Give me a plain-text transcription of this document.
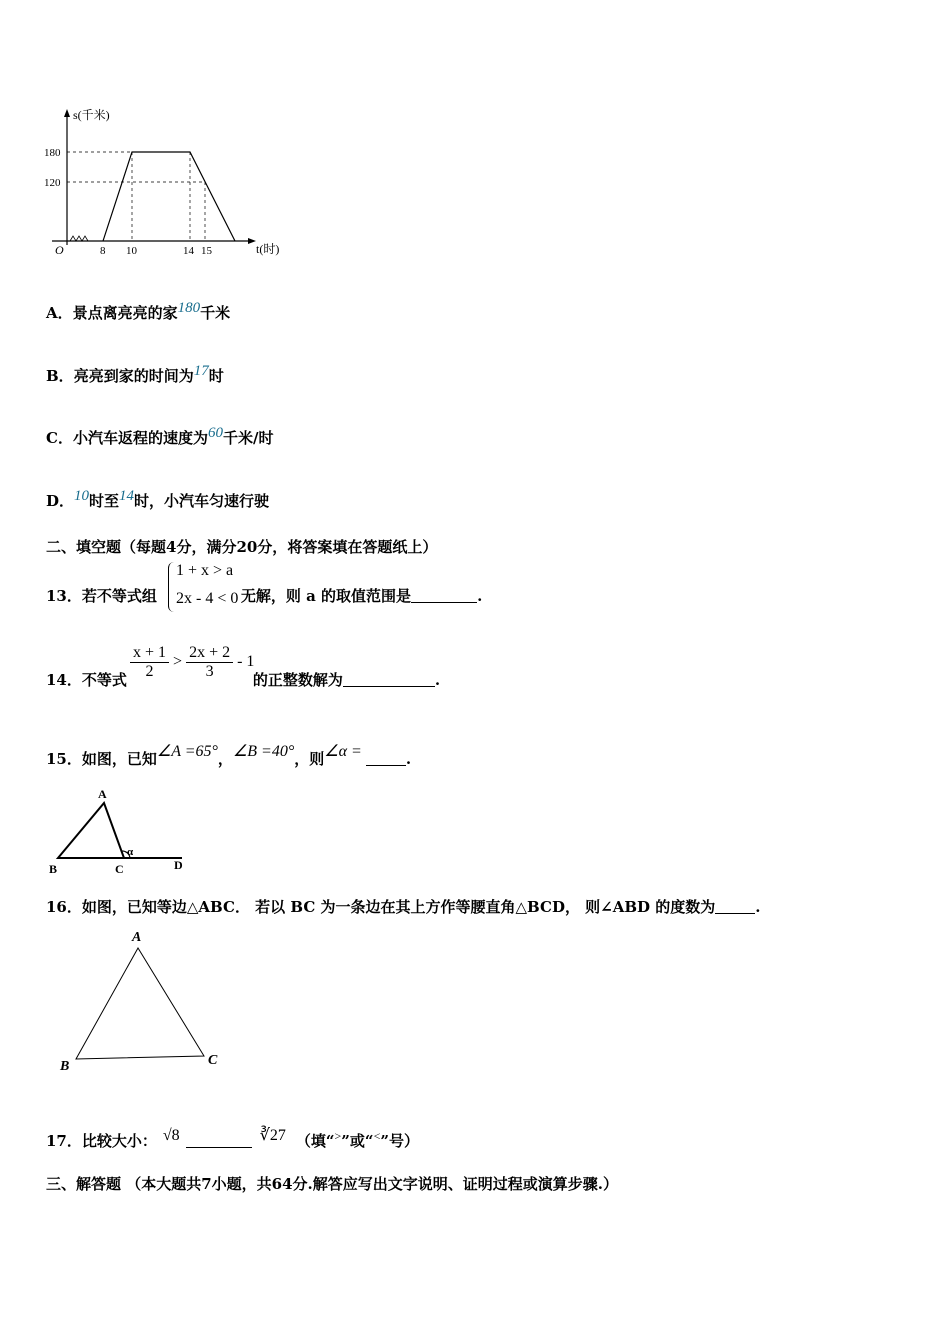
s(千米)
t(时)
O
180
120
8 10	14 15
A．景点离亮亮的家180千米
B．亮亮到家的时间为17时
C．小汽车返程的速度为60千米/时
D．10时至14时，小汽车匀速行驶
二、填空题（每题4分，满分20分，将答案填在答题纸上）
13．若不等式组	无解，则 a 的取值范围是	.
1 + x > a
2x - 4 < 0
14．不等式	的正整数解为	.
$\frac{x + 1}{2} > \frac{2x + 2}{3} - 1$
15．如图，已知∠A =65°，∠B =40°，则∠α =	.
A
B	C	D
α
16．如图，已知等边△ABC． 若以 BC 为一条边在其上方作等腰直角△BCD， 则∠ABD 的度数为	.
A
B	C
17．比较大小： √8	∛27 （填“>”或“<”号）
三、解答题 （本大题共7小题，共64分.解答应写出文字说明、证明过程或演算步骤.）
